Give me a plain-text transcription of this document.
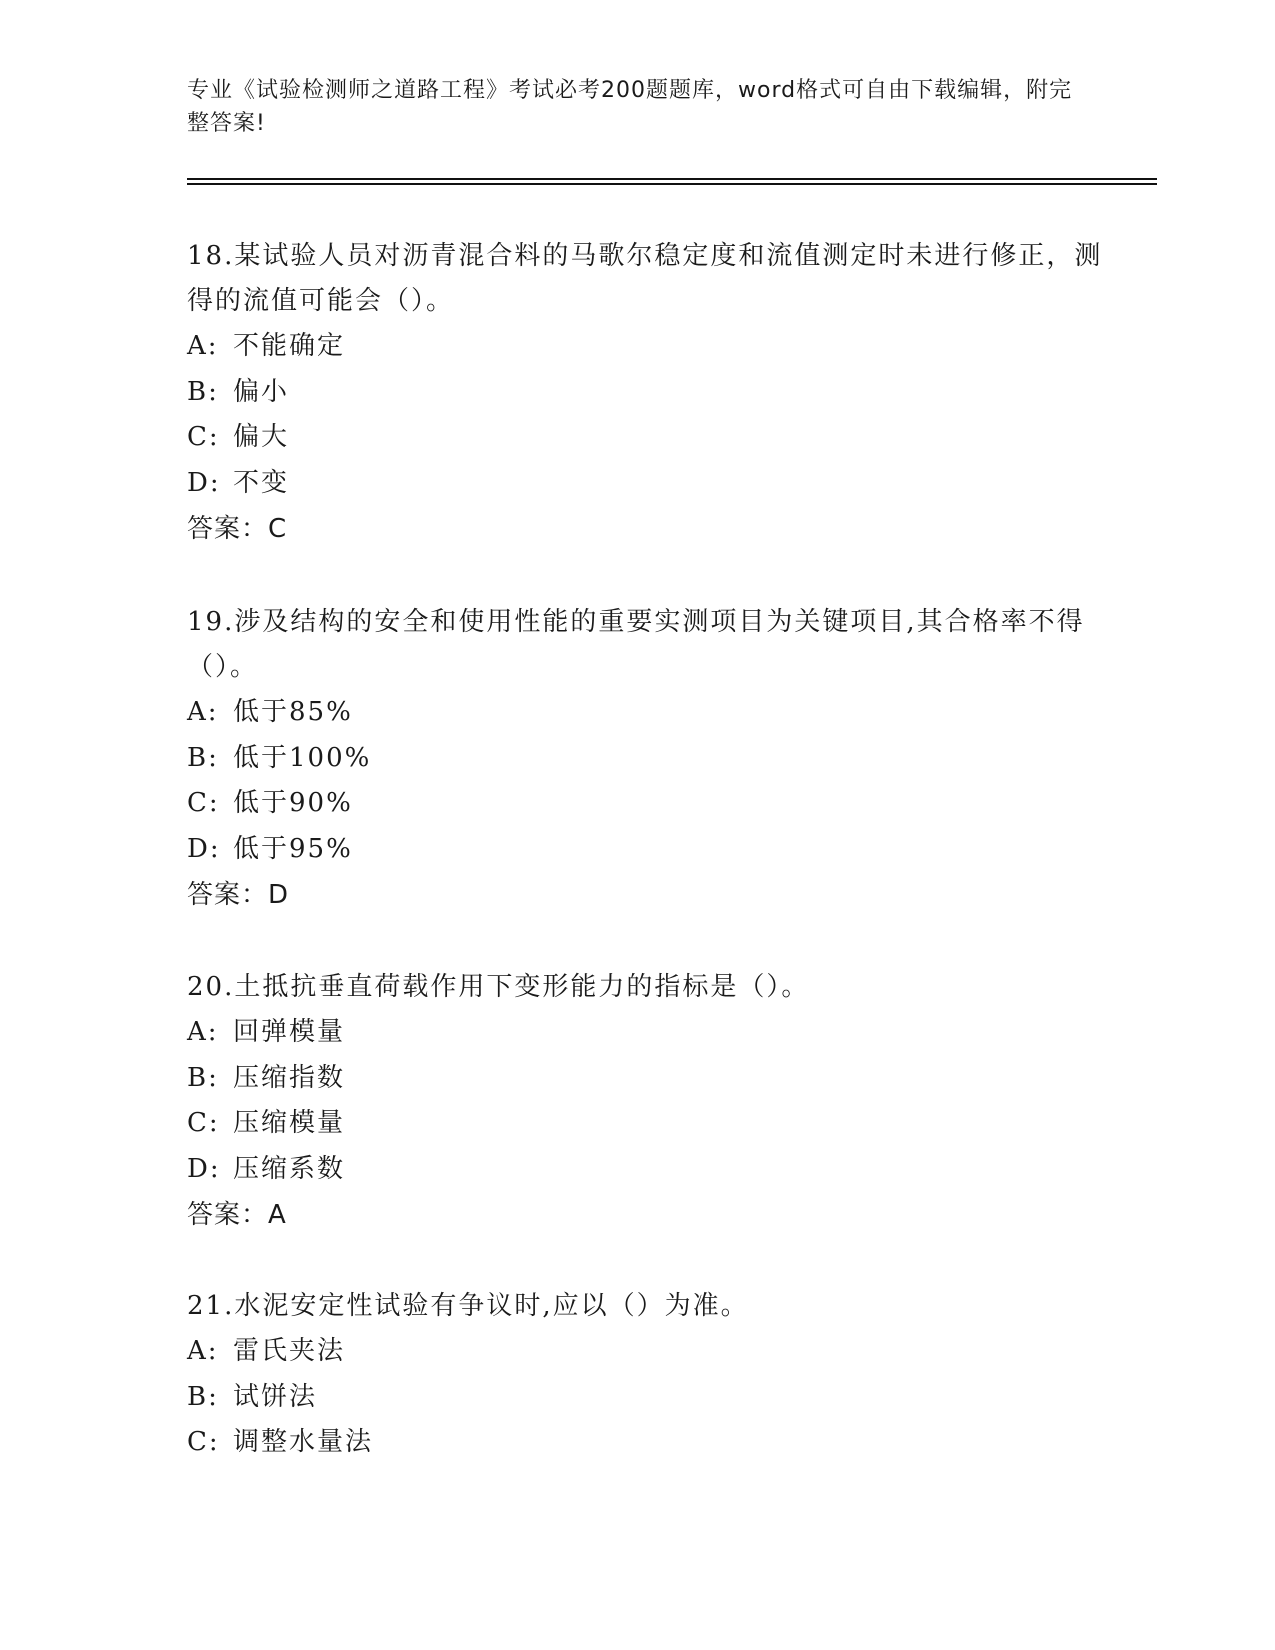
专业《试验检测师之道路工程》考试必考200题题库，word格式可自由下载编辑，附完整答案!

18.某试验人员对沥青混合料的马歌尔稳定度和流值测定时未进行修正，测得的流值可能会（）。

A: 不能确定

B: 偏小

C: 偏大

D: 不变

答案：C

19.涉及结构的安全和使用性能的重要实测项目为关键项目,其合格率不得（）。

A: 低于85%

B: 低于100%

C: 低于90%

D: 低于95%

答案：D

20.土抵抗垂直荷载作用下变形能力的指标是（）。

A: 回弹模量

B: 压缩指数

C: 压缩模量

D: 压缩系数

答案：A

21.水泥安定性试验有争议时,应以（）为准。

A: 雷氏夹法

B: 试饼法

C: 调整水量法
